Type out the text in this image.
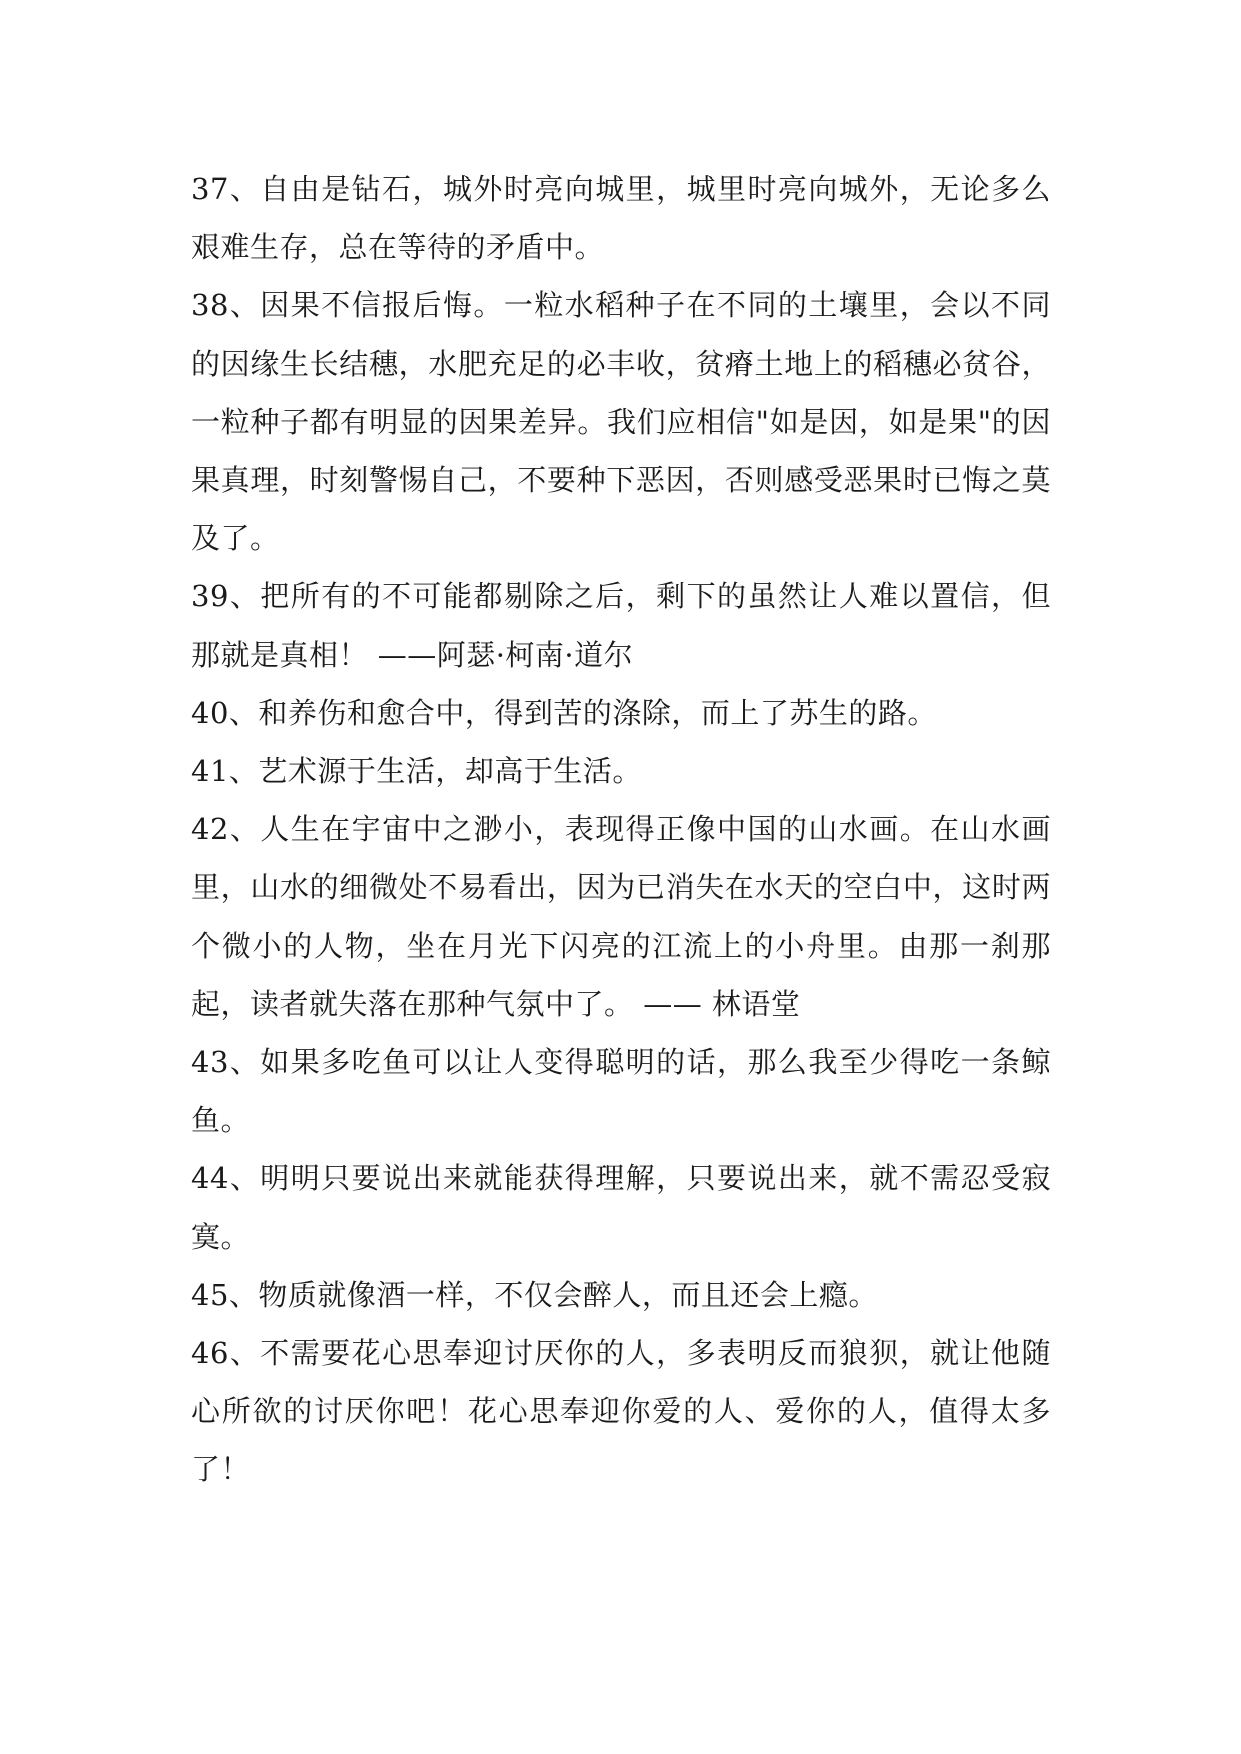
37、自由是钻石，城外时亮向城里，城里时亮向城外，无论多么艰难生存，总在等待的矛盾中。

38、因果不信报后悔。一粒水稻种子在不同的土壤里，会以不同的因缘生长结穗，水肥充足的必丰收，贫瘠土地上的稻穗必贫谷，一粒种子都有明显的因果差异。我们应相信"如是因，如是果"的因果真理，时刻警惕自己，不要种下恶因，否则感受恶果时已悔之莫及了。

39、把所有的不可能都剔除之后，剩下的虽然让人难以置信，但那就是真相！ ——阿瑟·柯南·道尔

40、和养伤和愈合中，得到苦的涤除，而上了苏生的路。

41、艺术源于生活，却高于生活。

42、人生在宇宙中之渺小，表现得正像中国的山水画。在山水画里，山水的细微处不易看出，因为已消失在水天的空白中，这时两个微小的人物，坐在月光下闪亮的江流上的小舟里。由那一刹那起，读者就失落在那种气氛中了。 —— 林语堂

43、如果多吃鱼可以让人变得聪明的话，那么我至少得吃一条鲸鱼。

44、明明只要说出来就能获得理解，只要说出来，就不需忍受寂寞。

45、物质就像酒一样，不仅会醉人，而且还会上瘾。

46、不需要花心思奉迎讨厌你的人，多表明反而狼狈，就让他随心所欲的讨厌你吧！花心思奉迎你爱的人、爱你的人，值得太多了！
